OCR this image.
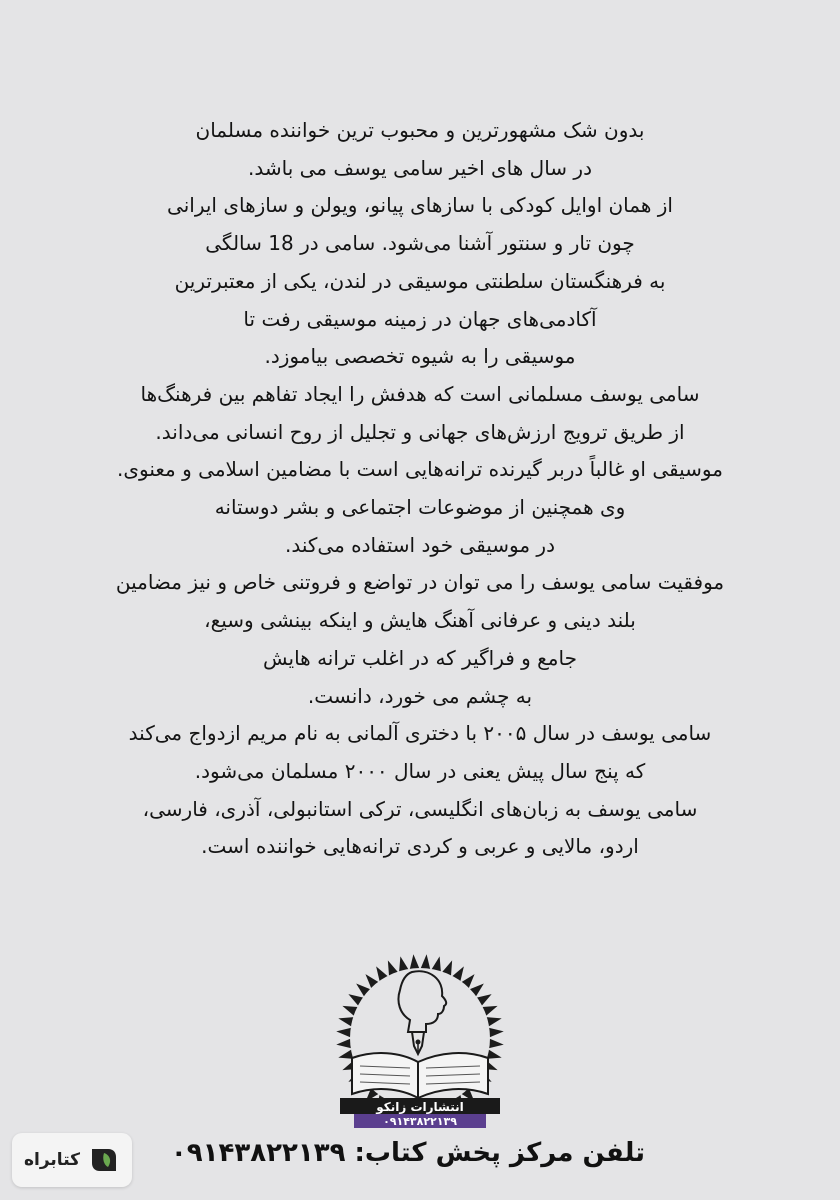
بدون شک مشهورترین و محبوب ترین خواننده مسلمان
در سال های اخیر سامی یوسف می باشد.
از همان اوایل کودکی با سازهای پیانو، ویولن و سازهای ایرانی
چون تار و سنتور آشنا می‌شود. سامی در 18 سالگی
به فرهنگستان سلطنتی موسیقی در لندن، یکی از معتبرترین
آکادمی‌های جهان در زمینه موسیقی رفت تا
موسیقی را به شیوه تخصصی بیاموزد.
سامی یوسف مسلمانی است که هدفش را ایجاد تفاهم بین فرهنگ‌ها
از طریق ترویج ارزش‌های جهانی و تجلیل از روح انسانی می‌داند.
موسیقی او غالباً دربر گیرنده ترانه‌هایی است با مضامین اسلامی و معنوی.
وی همچنین از موضوعات اجتماعی و بشر دوستانه
در موسیقی خود استفاده می‌کند.
موفقیت سامی یوسف را می توان در تواضع و فروتنی خاص و نیز مضامین
بلند دینی و عرفانی آهنگ هایش و اینکه بینشی وسیع،
جامع و فراگیر که در اغلب ترانه هایش
به چشم می خورد، دانست.
سامی یوسف در سال ۲۰۰۵ با دختری آلمانی به نام مریم ازدواج می‌کند
که پنج سال پیش یعنی در سال ۲۰۰۰ مسلمان می‌شود.
سامی یوسف به زبان‌های انگلیسی، ترکی استانبولی، آذری، فارسی،
اردو، مالایی و عربی و کردی ترانه‌هایی خواننده است.
انتشارات زانکو
۰۹۱۴۳۸۲۲۱۳۹
تلفن مرکز پخش کتاب: ۰۹۱۴۳۸۲۲۱۳۹
کتابراه
